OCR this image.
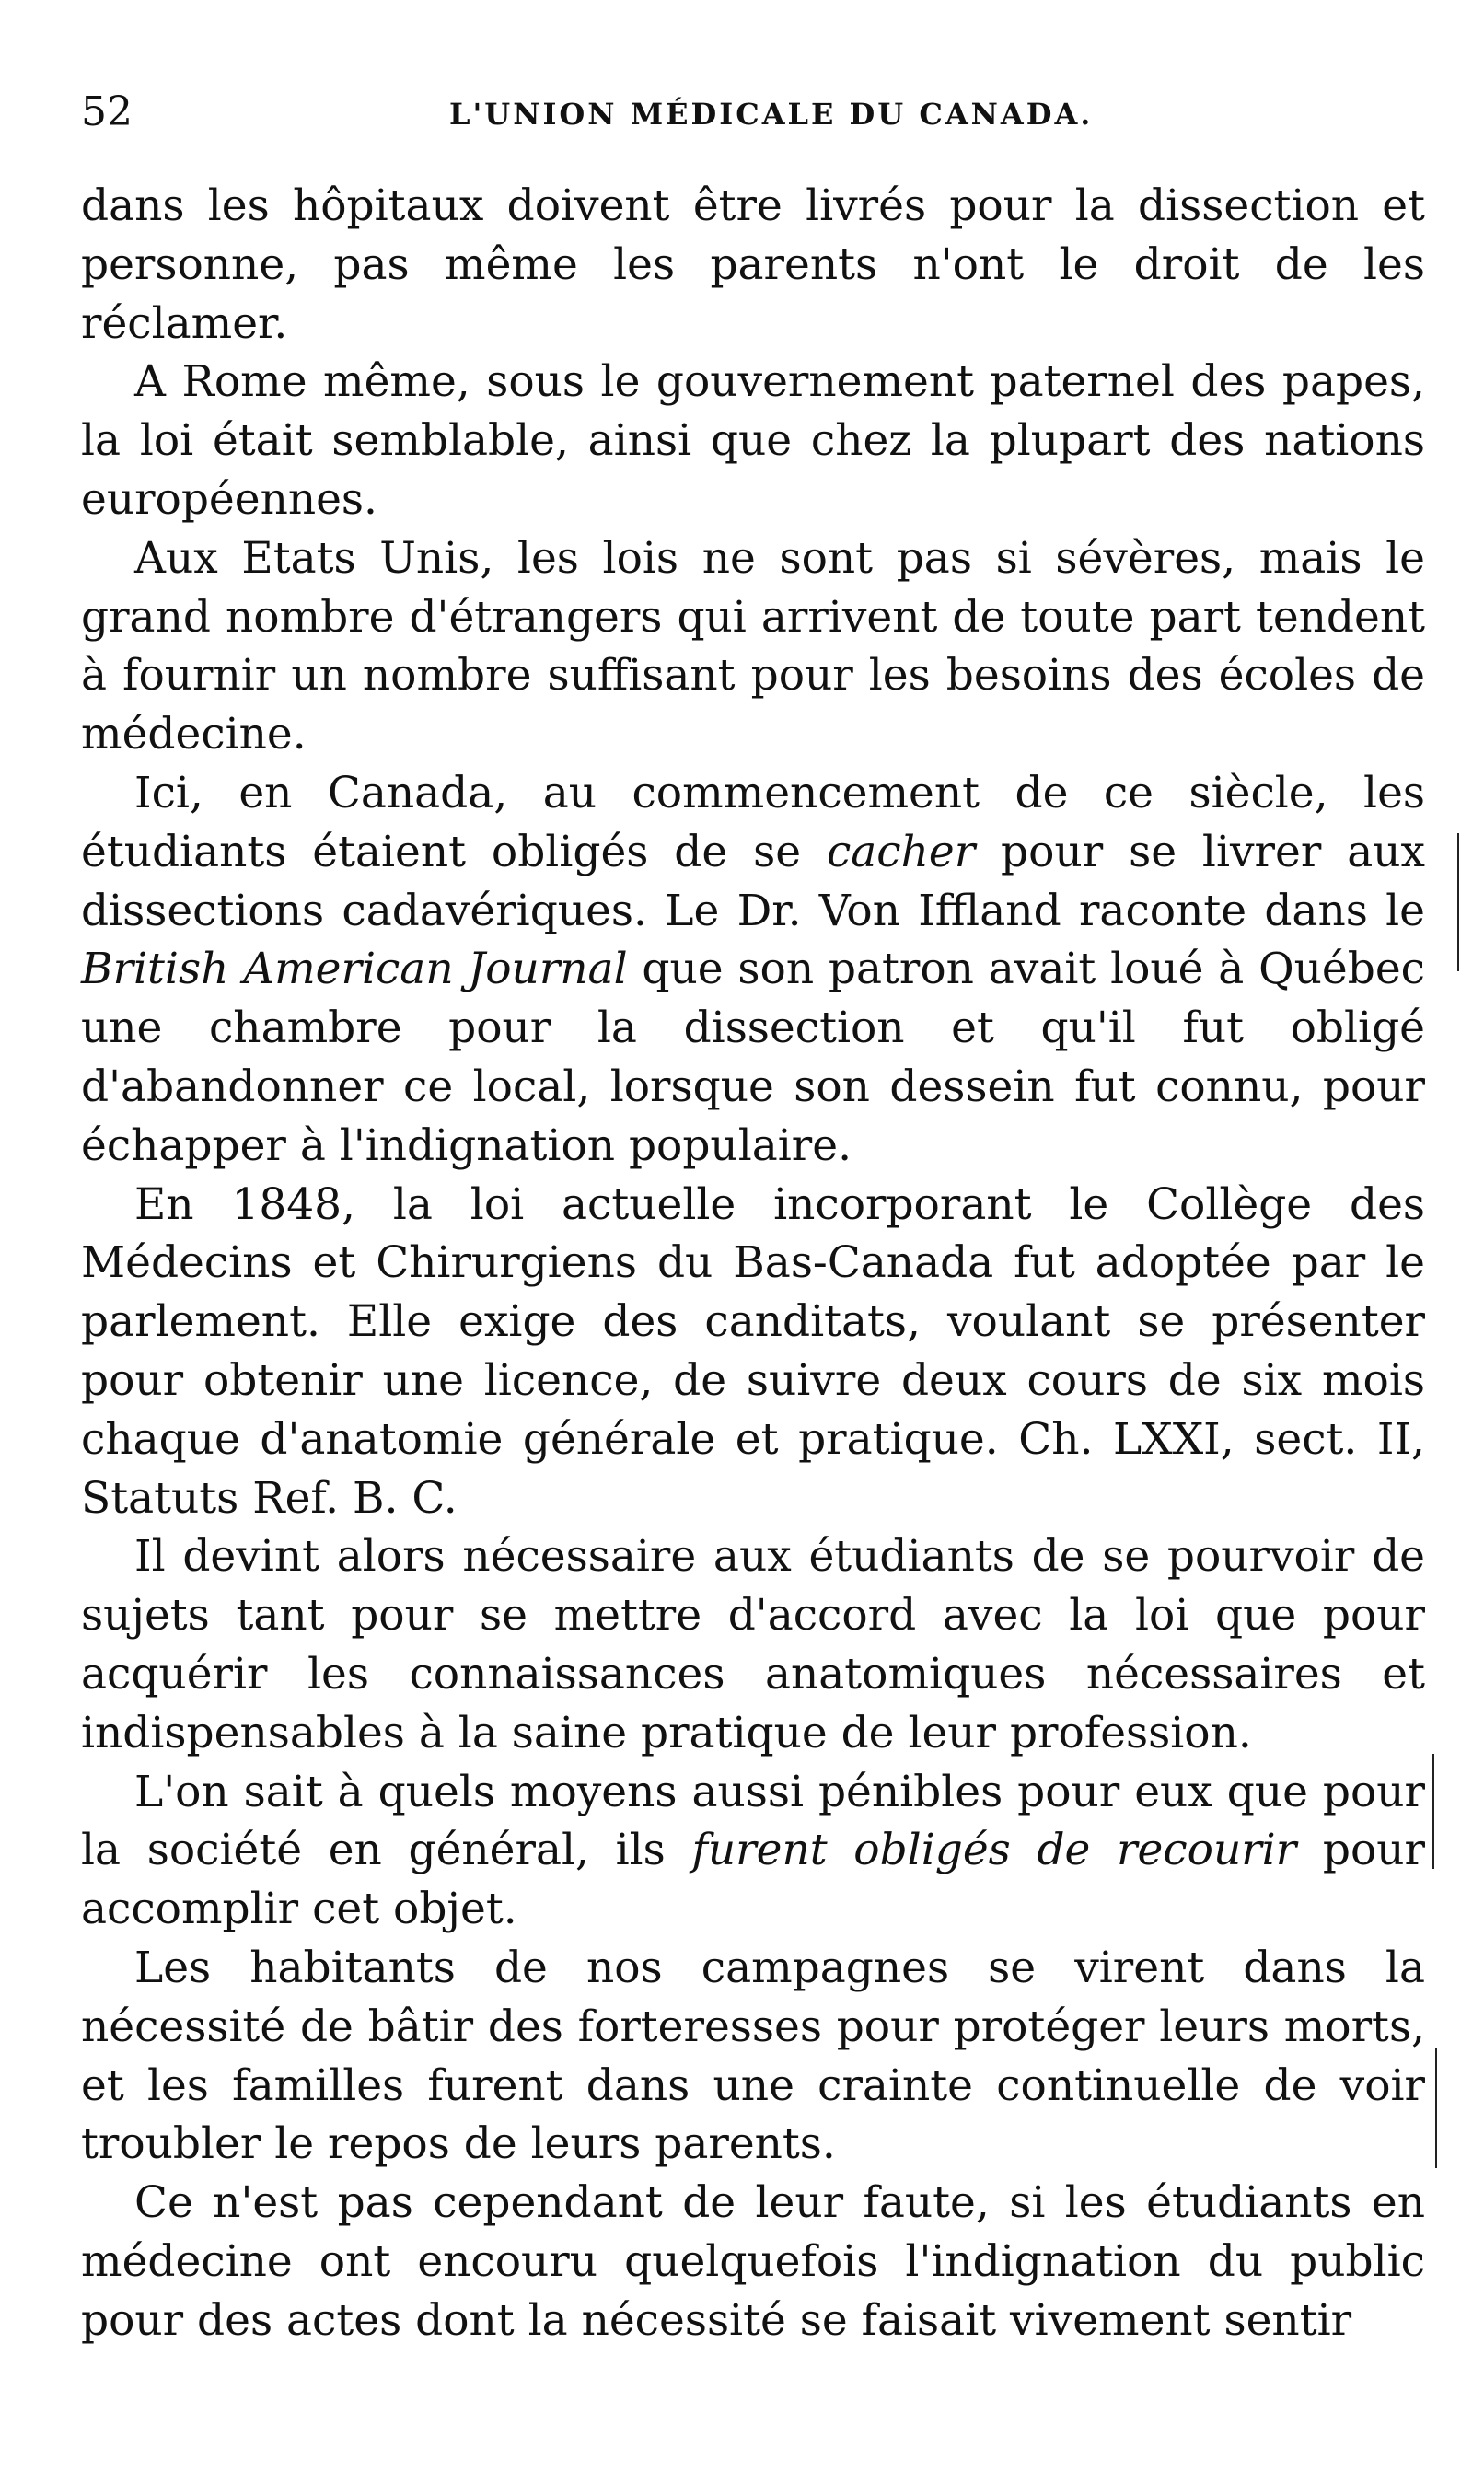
52	L'UNION MÉDICALE DU CANADA.

dans les hôpitaux doivent être livrés pour la dissection et personne, pas même les parents n'ont le droit de les réclamer.

A Rome même, sous le gouvernement paternel des papes, la loi était semblable, ainsi que chez la plupart des nations européennes.

Aux Etats Unis, les lois ne sont pas si sévères, mais le grand nombre d'étrangers qui arrivent de toute part tendent à fournir un nombre suffisant pour les besoins des écoles de médecine.

Ici, en Canada, au commencement de ce siècle, les étudiants étaient obligés de se cacher pour se livrer aux dissections cadavériques. Le Dr. Von Iffland raconte dans le British American Journal que son patron avait loué à Québec une chambre pour la dissection et qu'il fut obligé d'abandonner ce local, lorsque son dessein fut connu, pour échapper à l'indignation populaire.

En 1848, la loi actuelle incorporant le Collège des Médecins et Chirurgiens du Bas-Canada fut adoptée par le parlement. Elle exige des canditats, voulant se présenter pour obtenir une licence, de suivre deux cours de six mois chaque d'anatomie générale et pratique. Ch. LXXI, sect. II, Statuts Ref. B. C.

Il devint alors nécessaire aux étudiants de se pourvoir de sujets tant pour se mettre d'accord avec la loi que pour acquérir les connaissances anatomiques nécessaires et indispensables à la saine pratique de leur profession.

L'on sait à quels moyens aussi pénibles pour eux que pour la société en général, ils furent obligés de recourir pour accomplir cet objet.

Les habitants de nos campagnes se virent dans la nécessité de bâtir des forteresses pour protéger leurs morts, et les familles furent dans une crainte continuelle de voir troubler le repos de leurs parents.

Ce n'est pas cependant de leur faute, si les étudiants en médecine ont encouru quelquefois l'indignation du public pour des actes dont la nécessité se faisait vivement sentir
